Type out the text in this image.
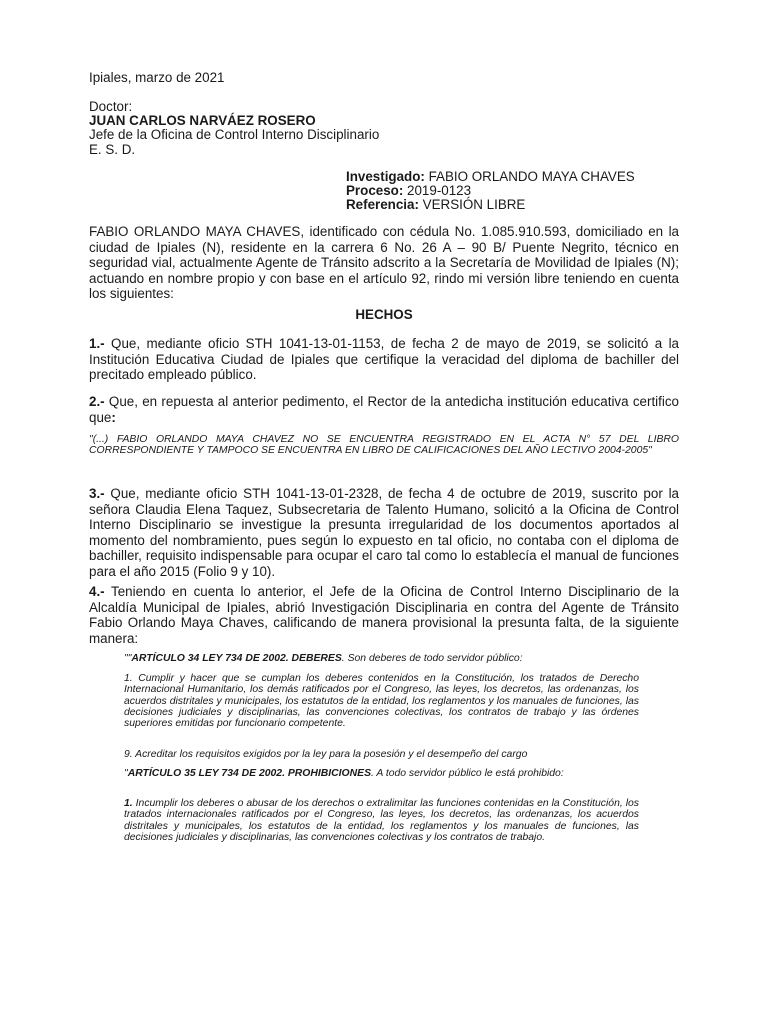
Ipiales, marzo de 2021
Doctor:
JUAN CARLOS NARVÁEZ ROSERO
Jefe de la Oficina de Control Interno Disciplinario
E. S. D.
Investigado: FABIO ORLANDO MAYA CHAVES
Proceso: 2019-0123
Referencia: VERSIÓN LIBRE

FABIO ORLANDO MAYA CHAVES, identificado con cédula No. 1.085.910.593, domiciliado en la ciudad de Ipiales (N), residente en la carrera 6 No. 26 A – 90 B/ Puente Negrito, técnico en seguridad vial, actualmente Agente de Tránsito adscrito a la Secretaría de Movilidad de Ipiales (N); actuando en nombre propio y con base en el artículo 92, rindo mi versión libre teniendo en cuenta los siguientes:

HECHOS

1.- Que, mediante oficio STH 1041-13-01-1153, de fecha 2 de mayo de 2019, se solicitó a la Institución Educativa Ciudad de Ipiales que certifique la veracidad del diploma de bachiller del precitado empleado público.

2.- Que, en repuesta al anterior pedimento, el Rector de la antedicha institución educativa certifico que:

"(...) FABIO ORLANDO MAYA CHAVEZ NO SE ENCUENTRA REGISTRADO EN EL ACTA N° 57 DEL LIBRO CORRESPONDIENTE Y TAMPOCO SE ENCUENTRA EN LIBRO DE CALIFICACIONES DEL AÑO LECTIVO 2004-2005"

3.- Que, mediante oficio STH 1041-13-01-2328, de fecha 4 de octubre de 2019, suscrito por la señora Claudia Elena Taquez, Subsecretaria de Talento Humano, solicitó a la Oficina de Control Interno Disciplinario se investigue la presunta irregularidad de los documentos aportados al momento del nombramiento, pues según lo expuesto en tal oficio, no contaba con el diploma de bachiller, requisito indispensable para ocupar el caro tal como lo establecía el manual de funciones para el año 2015 (Folio 9 y 10).

4.- Teniendo en cuenta lo anterior, el Jefe de la Oficina de Control Interno Disciplinario de la Alcaldía Municipal de Ipiales, abrió Investigación Disciplinaria en contra del Agente de Tránsito Fabio Orlando Maya Chaves, calificando de manera provisional la presunta falta, de la siguiente manera:

""ARTÍCULO 34 LEY 734 DE 2002. DEBERES. Son deberes de todo servidor público:

1. Cumplir y hacer que se cumplan los deberes contenidos en la Constitución, los tratados de Derecho Internacional Humanitario, los demás ratificados por el Congreso, las leyes, los decretos, las ordenanzas, los acuerdos distritales y municipales, los estatutos de la entidad, los reglamentos y los manuales de funciones, las decisiones judiciales y disciplinarias, las convenciones colectivas, los contratos de trabajo y las órdenes superiores emitidas por funcionario competente.

9. Acreditar los requisitos exigidos por la ley para la posesión y el desempeño del cargo

"ARTÍCULO 35 LEY 734 DE 2002. PROHIBICIONES. A todo servidor público le está prohibido:

1. Incumplir los deberes o abusar de los derechos o extralimitar las funciones contenidas en la Constitución, los tratados internacionales ratificados por el Congreso, las leyes, los decretos, las ordenanzas, los acuerdos distritales y municipales, los estatutos de la entidad, los reglamentos y los manuales de funciones, las decisiones judiciales y disciplinarias, las convenciones colectivas y los contratos de trabajo.
